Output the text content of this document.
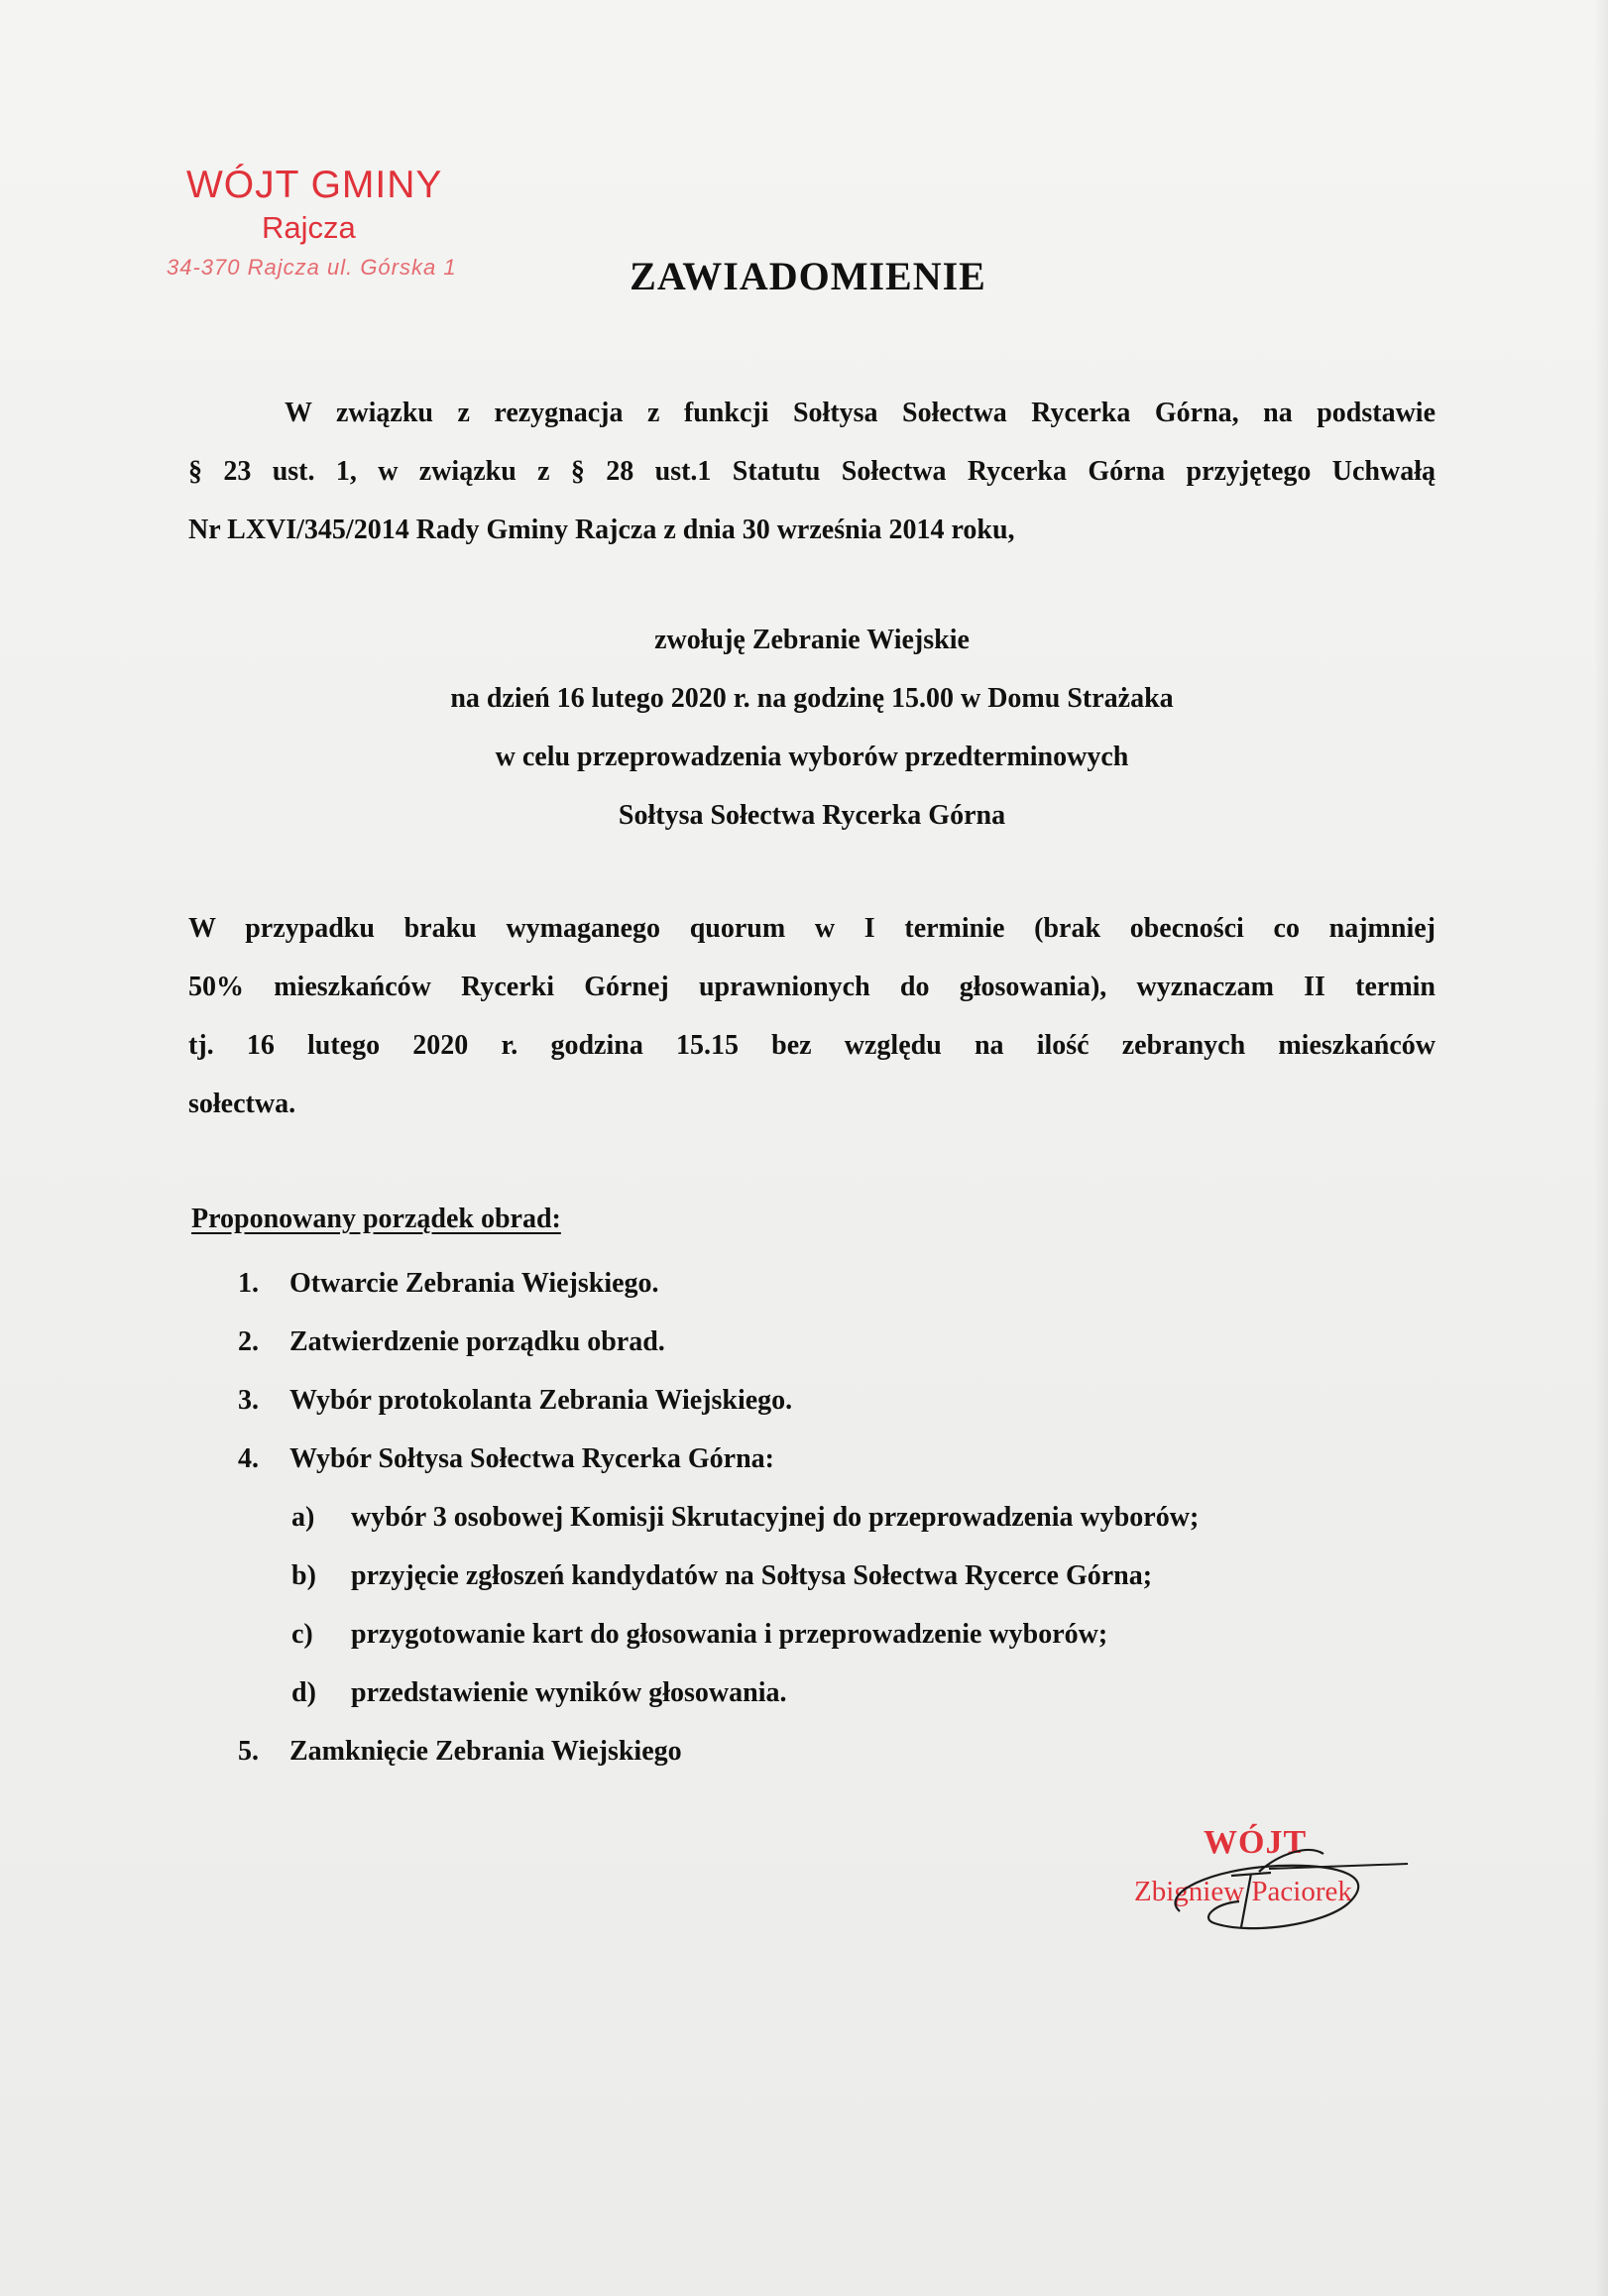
WÓJT GMINY
Rajcza
34-370 Rajcza ul. Górska 1	ZAWIADOMIENIE
W związku z rezygnacja z funkcji Sołtysa Sołectwa Rycerka Górna, na podstawie
§ 23 ust. 1, w związku z § 28 ust.1 Statutu Sołectwa Rycerka Górna przyjętego Uchwałą
Nr LXVI/345/2014 Rady Gminy Rajcza z dnia 30 września 2014 roku,
zwołuję Zebranie Wiejskie
na dzień 16 lutego 2020 r. na godzinę 15.00 w Domu Strażaka
w celu przeprowadzenia wyborów przedterminowych
Sołtysa Sołectwa Rycerka Górna
W przypadku braku wymaganego quorum w I terminie (brak obecności co najmniej
50% mieszkańców Rycerki Górnej uprawnionych do głosowania), wyznaczam II termin
tj. 16 lutego 2020 r. godzina 15.15 bez względu na ilość zebranych mieszkańców
sołectwa.
Proponowany porządek obrad:
1. Otwarcie Zebrania Wiejskiego.
2. Zatwierdzenie porządku obrad.
3. Wybór protokolanta Zebrania Wiejskiego.
4. Wybór Sołtysa Sołectwa Rycerka Górna:
a) wybór 3 osobowej Komisji Skrutacyjnej do przeprowadzenia wyborów;
b) przyjęcie zgłoszeń kandydatów na Sołtysa Sołectwa Rycerce Górna;
c) przygotowanie kart do głosowania i przeprowadzenie wyborów;
d) przedstawienie wyników głosowania.
5. Zamknięcie Zebrania Wiejskiego
WÓJT
Zbigniew Paciorek
